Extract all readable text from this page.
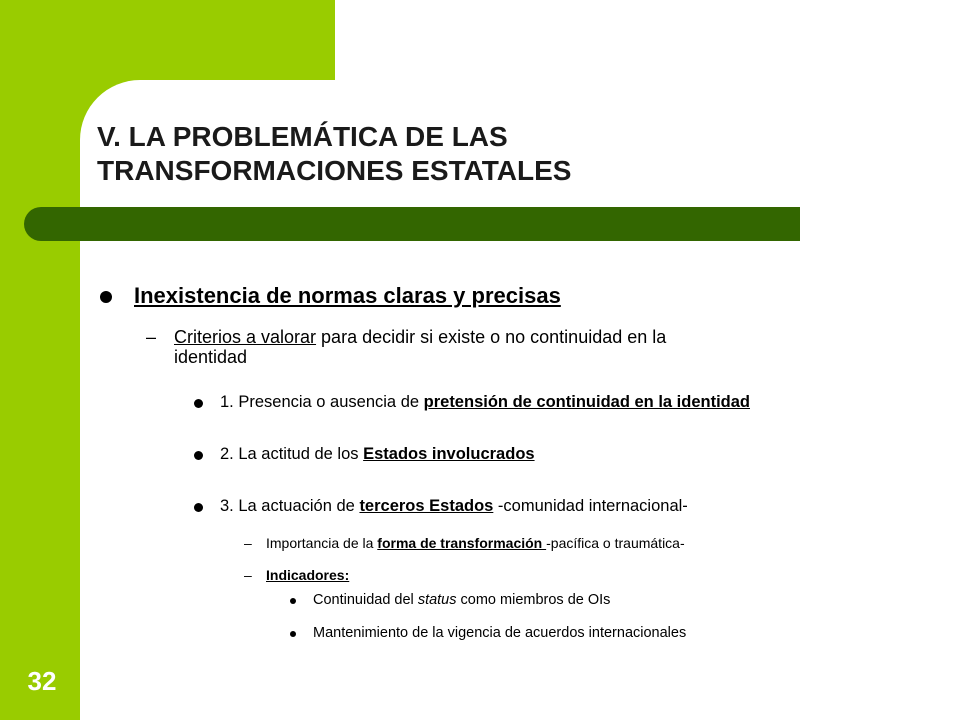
32
V. LA PROBLEMÁTICA DE LAS
TRANSFORMACIONES ESTATALES
Inexistencia de normas claras y precisas
– Criterios a valorar para decidir si existe o no continuidad en la
identidad
1. Presencia o ausencia de pretensión de continuidad en la identidad
2. La actitud de los Estados involucrados
3. La actuación de terceros Estados -comunidad internacional-
–	Importancia de la forma de transformación -pacífica o traumática-
–	Indicadores:
Continuidad del status como miembros de OIs
Mantenimiento de la vigencia de acuerdos internacionales
